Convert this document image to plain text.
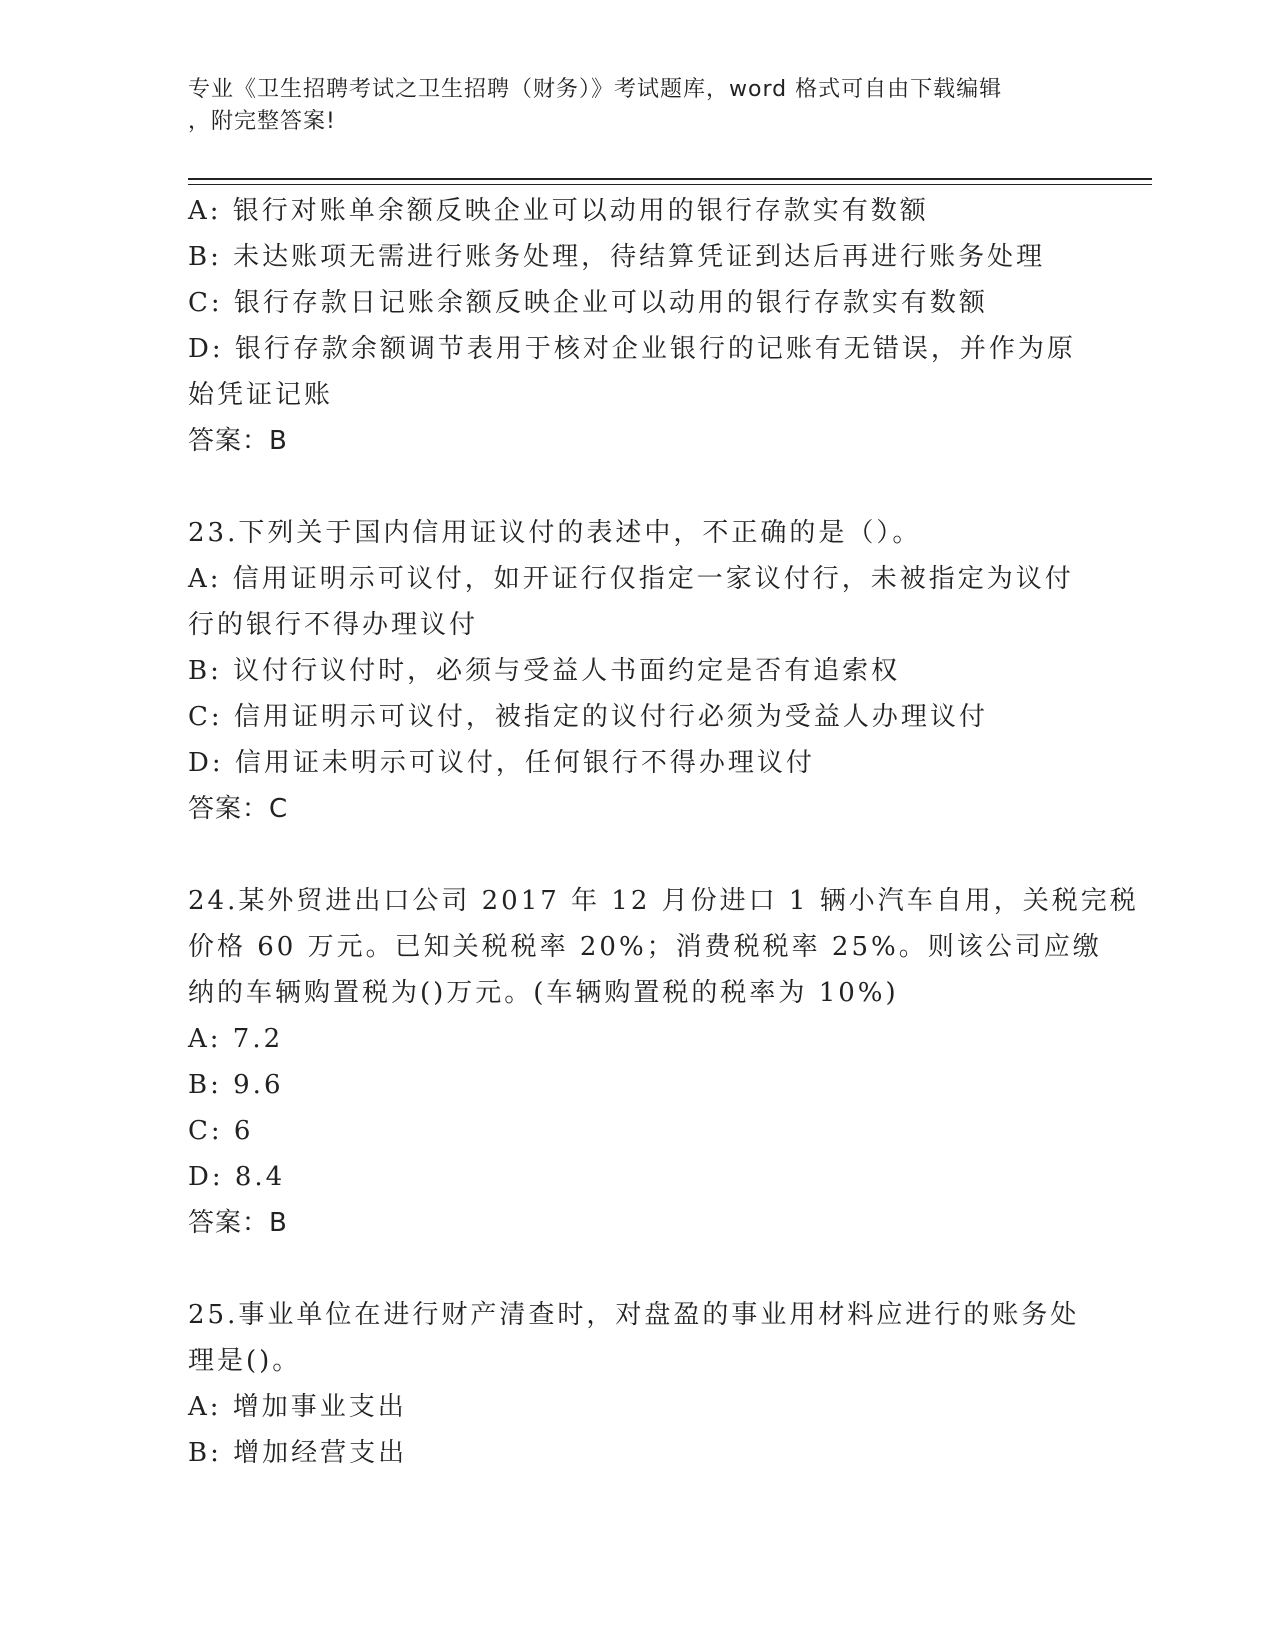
专业《卫生招聘考试之卫生招聘（财务）》考试题库，word 格式可自由下载编辑
，附完整答案!
A: 银行对账单余额反映企业可以动用的银行存款实有数额
B: 未达账项无需进行账务处理，待结算凭证到达后再进行账务处理
C: 银行存款日记账余额反映企业可以动用的银行存款实有数额
D: 银行存款余额调节表用于核对企业银行的记账有无错误，并作为原
始凭证记账
答案：B
23.下列关于国内信用证议付的表述中，不正确的是（）。
A: 信用证明示可议付，如开证行仅指定一家议付行，未被指定为议付
行的银行不得办理议付
B: 议付行议付时，必须与受益人书面约定是否有追索权
C: 信用证明示可议付，被指定的议付行必须为受益人办理议付
D: 信用证未明示可议付，任何银行不得办理议付
答案：C
24.某外贸进出口公司 2017 年 12 月份进口 1 辆小汽车自用，关税完税
价格 60 万元。已知关税税率 20%；消费税税率 25%。则该公司应缴
纳的车辆购置税为()万元。(车辆购置税的税率为 10%)
A: 7.2
B: 9.6
C: 6
D: 8.4
答案：B
25.事业单位在进行财产清查时，对盘盈的事业用材料应进行的账务处
理是()。
A: 增加事业支出
B: 增加经营支出
